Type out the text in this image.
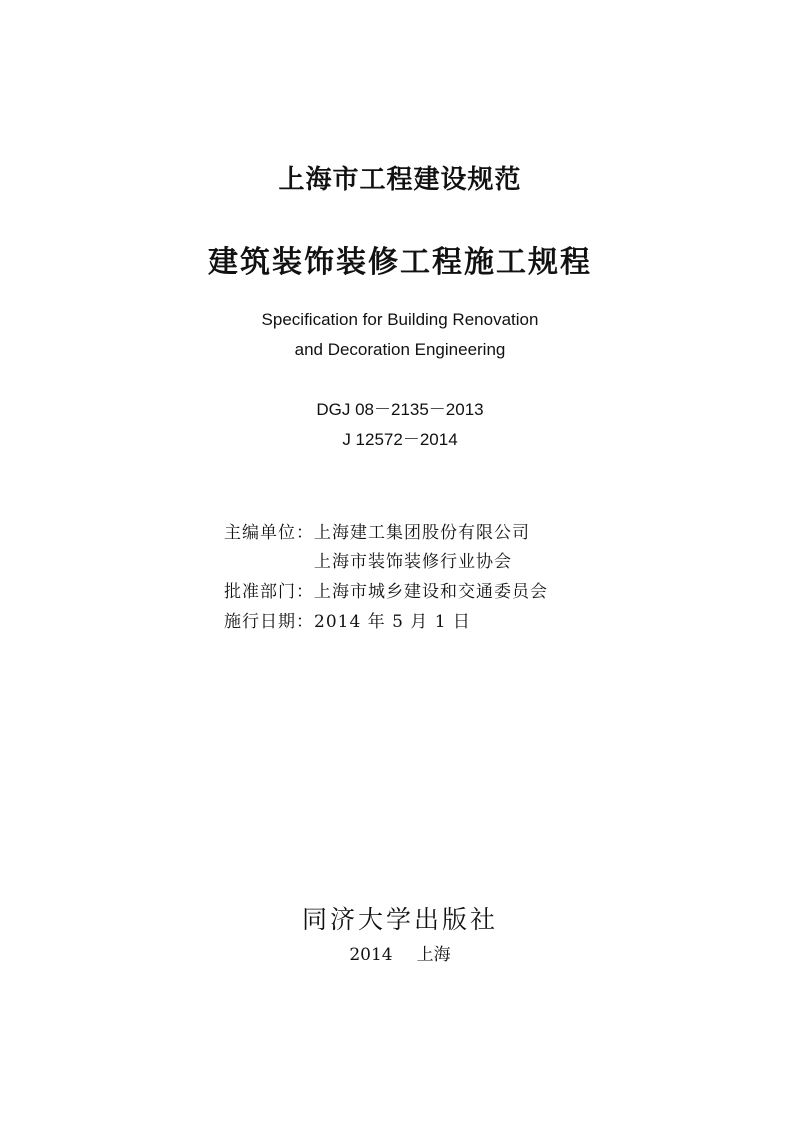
上海市工程建设规范
建筑装饰装修工程施工规程
Specification for Building Renovation
and Decoration Engineering
DGJ 08－2135－2013
J 12572－2014
主编单位：上海建工集团股份有限公司
上海市装饰装修行业协会
批准部门：上海市城乡建设和交通委员会
施行日期：2014 年 5 月 1 日
同济大学出版社
2014 上海
